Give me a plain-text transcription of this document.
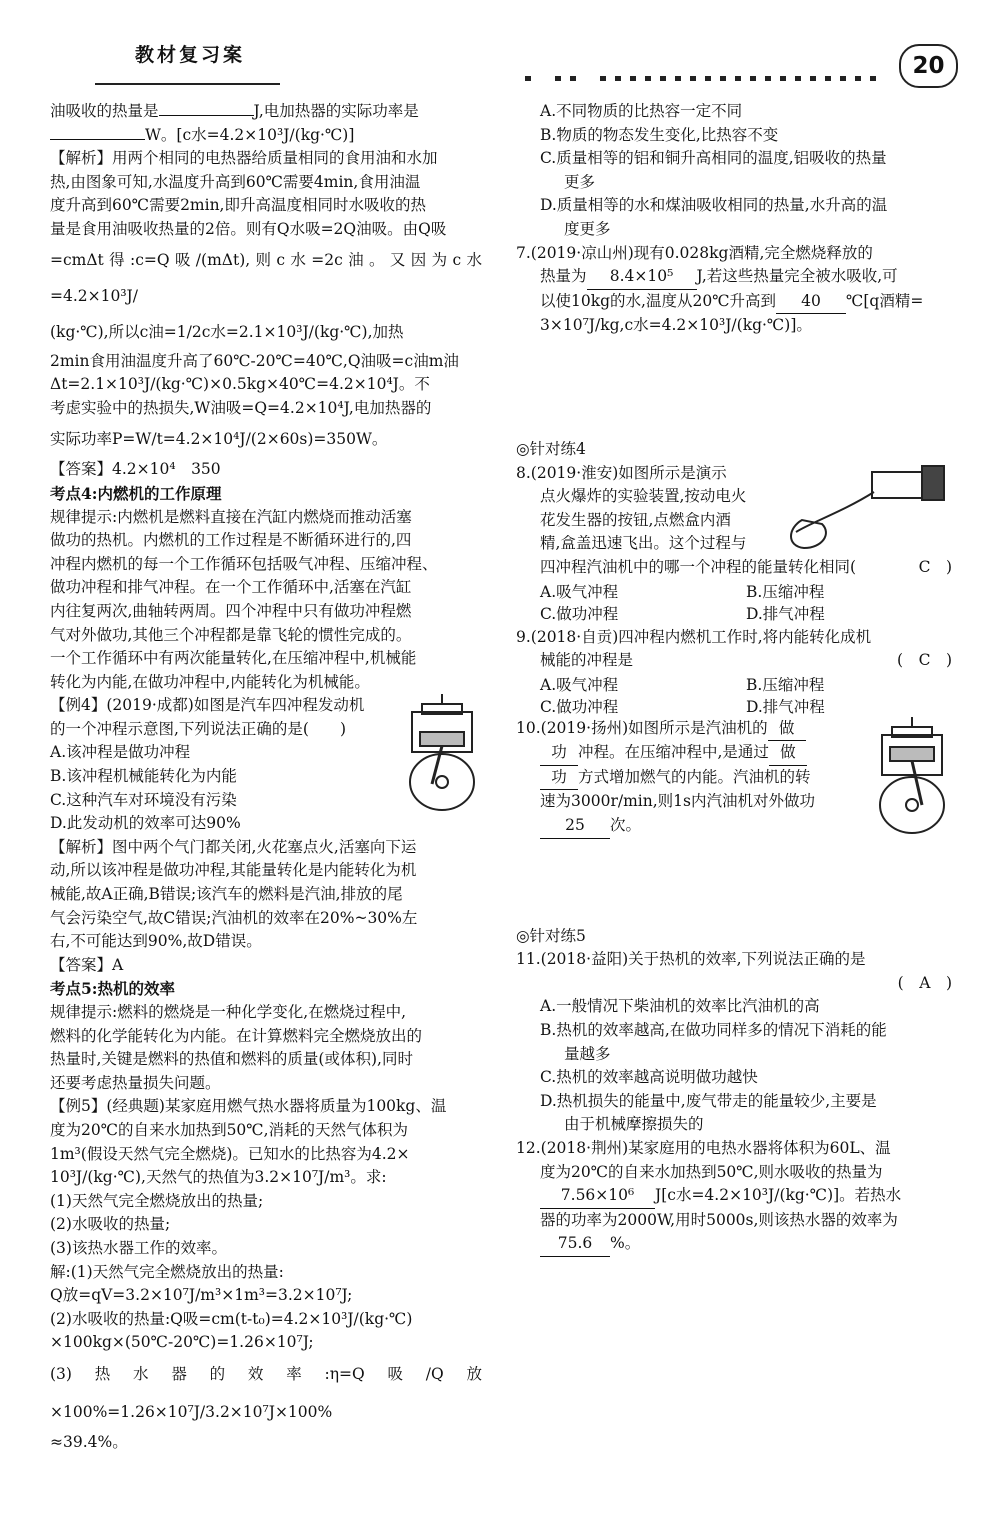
教材复习案	20

油吸收的热量是	J,电加热器的实际功率是

W。[c水=4.2×10³J/(kg·℃)]

【解析】用两个相同的电热器给质量相同的食用油和水加

热,由图象可知,水温度升高到60℃需要4min,食用油温

度升高到60℃需要2min,即升高温度相同时水吸收的热

量是食用油吸收热量的2倍。则有Q水吸=2Q油吸。由Q吸

=cmΔt得:c=Q吸/(mΔt),则c水=2c油。又因为c水=4.2×10³J/

(kg·℃),所以c油=1/2c水=2.1×10³J/(kg·℃),加热

2min食用油温度升高了60℃-20℃=40℃,Q油吸=c油m油

Δt=2.1×10³J/(kg·℃)×0.5kg×40℃=4.2×10⁴J。不

考虑实验中的热损失,W油吸=Q=4.2×10⁴J,电加热器的

实际功率P=W/t=4.2×10⁴J/(2×60s)=350W。

【答案】4.2×10⁴　350

考点4:内燃机的工作原理

规律提示:内燃机是燃料直接在汽缸内燃烧而推动活塞

做功的热机。内燃机的工作过程是不断循环进行的,四

冲程内燃机的每一个工作循环包括吸气冲程、压缩冲程、

做功冲程和排气冲程。在一个工作循环中,活塞在汽缸

内往复两次,曲轴转两周。四个冲程中只有做功冲程燃

气对外做功,其他三个冲程都是靠飞轮的惯性完成的。

一个工作循环中有两次能量转化,在压缩冲程中,机械能

转化为内能,在做功冲程中,内能转化为机械能。

【例4】(2019·成都)如图是汽车四冲程发动机

的一个冲程示意图,下列说法正确的是(　　)

A.该冲程是做功冲程

B.该冲程机械能转化为内能

C.这种汽车对环境没有污染

D.此发动机的效率可达90%

【解析】图中两个气门都关闭,火花塞点火,活塞向下运

动,所以该冲程是做功冲程,其能量转化是内能转化为机

械能,故A正确,B错误;该汽车的燃料是汽油,排放的尾

气会污染空气,故C错误;汽油机的效率在20%~30%左

右,不可能达到90%,故D错误。

【答案】A

考点5:热机的效率

规律提示:燃料的燃烧是一种化学变化,在燃烧过程中,

燃料的化学能转化为内能。在计算燃料完全燃烧放出的

热量时,关键是燃料的热值和燃料的质量(或体积),同时

还要考虑热量损失问题。

【例5】(经典题)某家庭用燃气热水器将质量为100kg、温

度为20℃的自来水加热到50℃,消耗的天然气体积为

1m³(假设天然气完全燃烧)。已知水的比热容为4.2×

10³J/(kg·℃),天然气的热值为3.2×10⁷J/m³。求:

(1)天然气完全燃烧放出的热量;

(2)水吸收的热量;

(3)该热水器工作的效率。

解:(1)天然气完全燃烧放出的热量:

Q放=qV=3.2×10⁷J/m³×1m³=3.2×10⁷J;

(2)水吸收的热量:Q吸=cm(t-t₀)=4.2×10³J/(kg·℃)

×100kg×(50℃-20℃)=1.26×10⁷J;

(3)热水器的效率:η=Q吸/Q放×100%=1.26×10⁷J/3.2×10⁷J×100%

≈39.4%。

A.不同物质的比热容一定不同

B.物质的物态发生变化,比热容不变

C.质量相等的铝和铜升高相同的温度,铝吸收的热量

更多

D.质量相等的水和煤油吸收相同的热量,水升高的温

度更多

7.(2019·凉山州)现有0.028kg酒精,完全燃烧释放的

热量为 8.4×10⁵ J,若这些热量完全被水吸收,可

以使10kg的水,温度从20℃升高到 40 ℃[q酒精=

3×10⁷J/kg,c水=4.2×10³J/(kg·℃)]。

◎针对练4

8.(2019·淮安)如图所示是演示

点火爆炸的实验装置,按动电火

花发生器的按钮,点燃盒内酒

精,盒盖迅速飞出。这个过程与

四冲程汽油机中的哪一个冲程的能量转化相同(
　	C　)

A.吸气冲程	B.压缩冲程
C.做功冲程	D.排气冲程

9.(2018·自贡)四冲程内燃机工作时,将内能转化成机

械能的冲程是	(　C　)

A.吸气冲程	B.压缩冲程
C.做功冲程	D.排气冲程

10.(2019·扬州)如图所示是汽油机的 做

功 冲程。在压缩冲程中,是通过 做

功 方式增加燃气的内能。汽油机的转

速为3000r/min,则1s内汽油机对外做功

25 次。

◎针对练5

11.(2018·益阳)关于热机的效率,下列说法正确的是

(　A　)

A.一般情况下柴油机的效率比汽油机的高

B.热机的效率越高,在做功同样多的情况下消耗的能

量越多

C.热机的效率越高说明做功越快

D.热机损失的能量中,废气带走的能量较少,主要是

由于机械摩擦损失的

12.(2018·荆州)某家庭用的电热水器将体积为60L、温

度为20℃的自来水加热到50℃,则水吸收的热量为

7.56×10⁶ J[c水=4.2×10³J/(kg·℃)]。若热水

器的功率为2000W,用时5000s,则该热水器的效率为

75.6 %。
